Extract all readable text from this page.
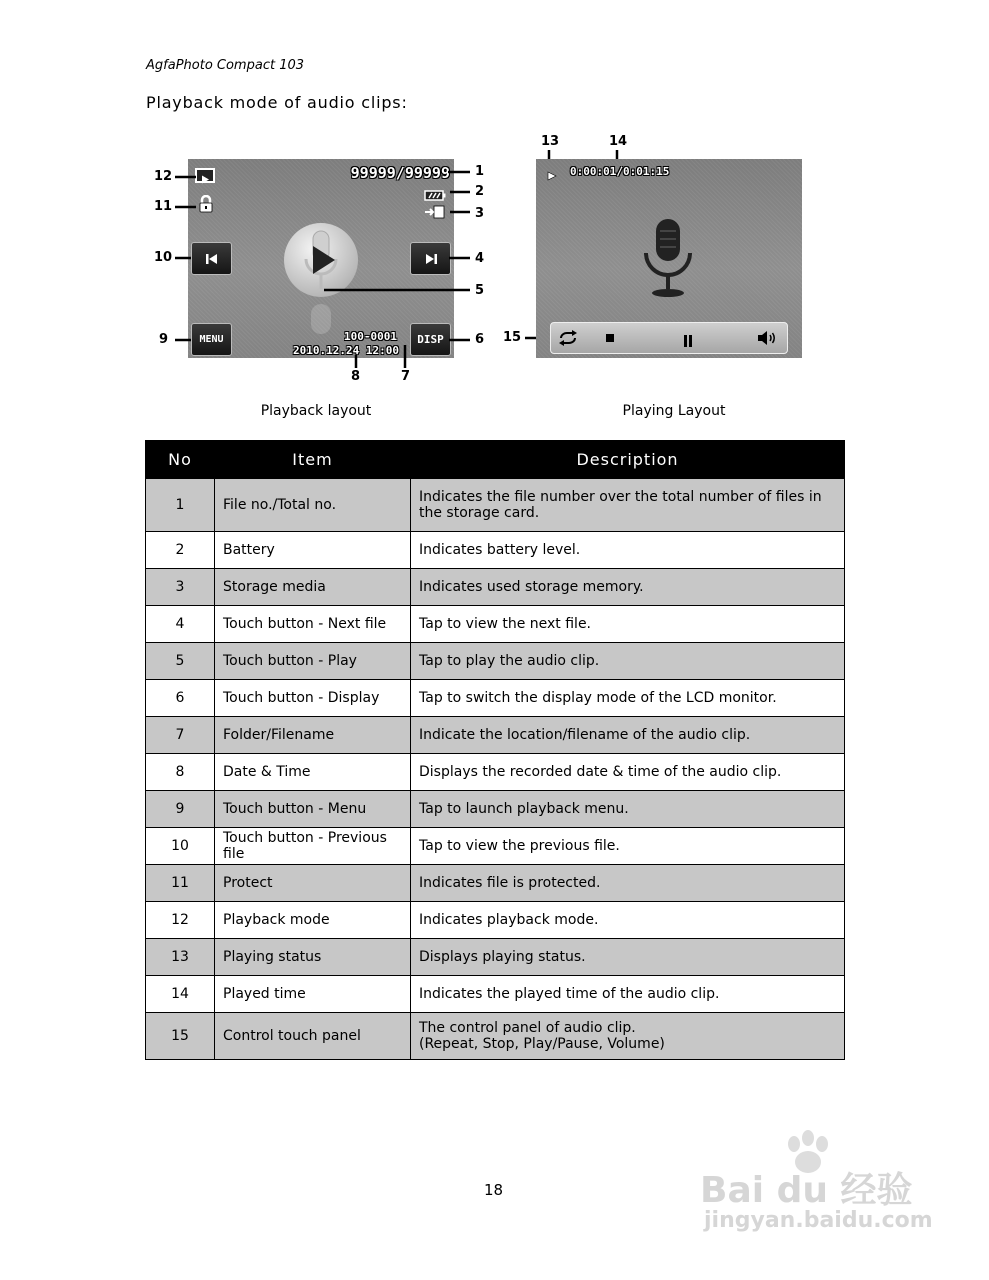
AgfaPhoto Compact 103
Playback mode of audio clips:
99999/99999
MENU	DISP
100-0001
2010.12.24 12:00
12
11
10
9
1
2
3
4
5
6
8	7
0:00:01/0:01:15
13	14
15
Playback layout	Playing Layout
No	Item	Description
1	File no./Total no.	Indicates the file number over the total number of files in the storage card.
2	Battery	Indicates battery level.
3	Storage media	Indicates used storage memory.
4	Touch button - Next file	Tap to view the next file.
5	Touch button - Play	Tap to play the audio clip.
6	Touch button - Display	Tap to switch the display mode of the LCD monitor.
7	Folder/Filename	Indicate the location/filename of the audio clip.
8	Date & Time	Displays the recorded date & time of the audio clip.
9	Touch button - Menu	Tap to launch playback menu.
10	Touch button - Previous file	Tap to view the previous file.
11	Protect	Indicates file is protected.
12	Playback mode	Indicates playback mode.
13	Playing status	Displays playing status.
14	Played time	Indicates the played time of the audio clip.
15	Control touch panel	The control panel of audio clip.
(Repeat, Stop, Play/Pause, Volume)
18	Bai du 经验
jingyan.baidu.com
